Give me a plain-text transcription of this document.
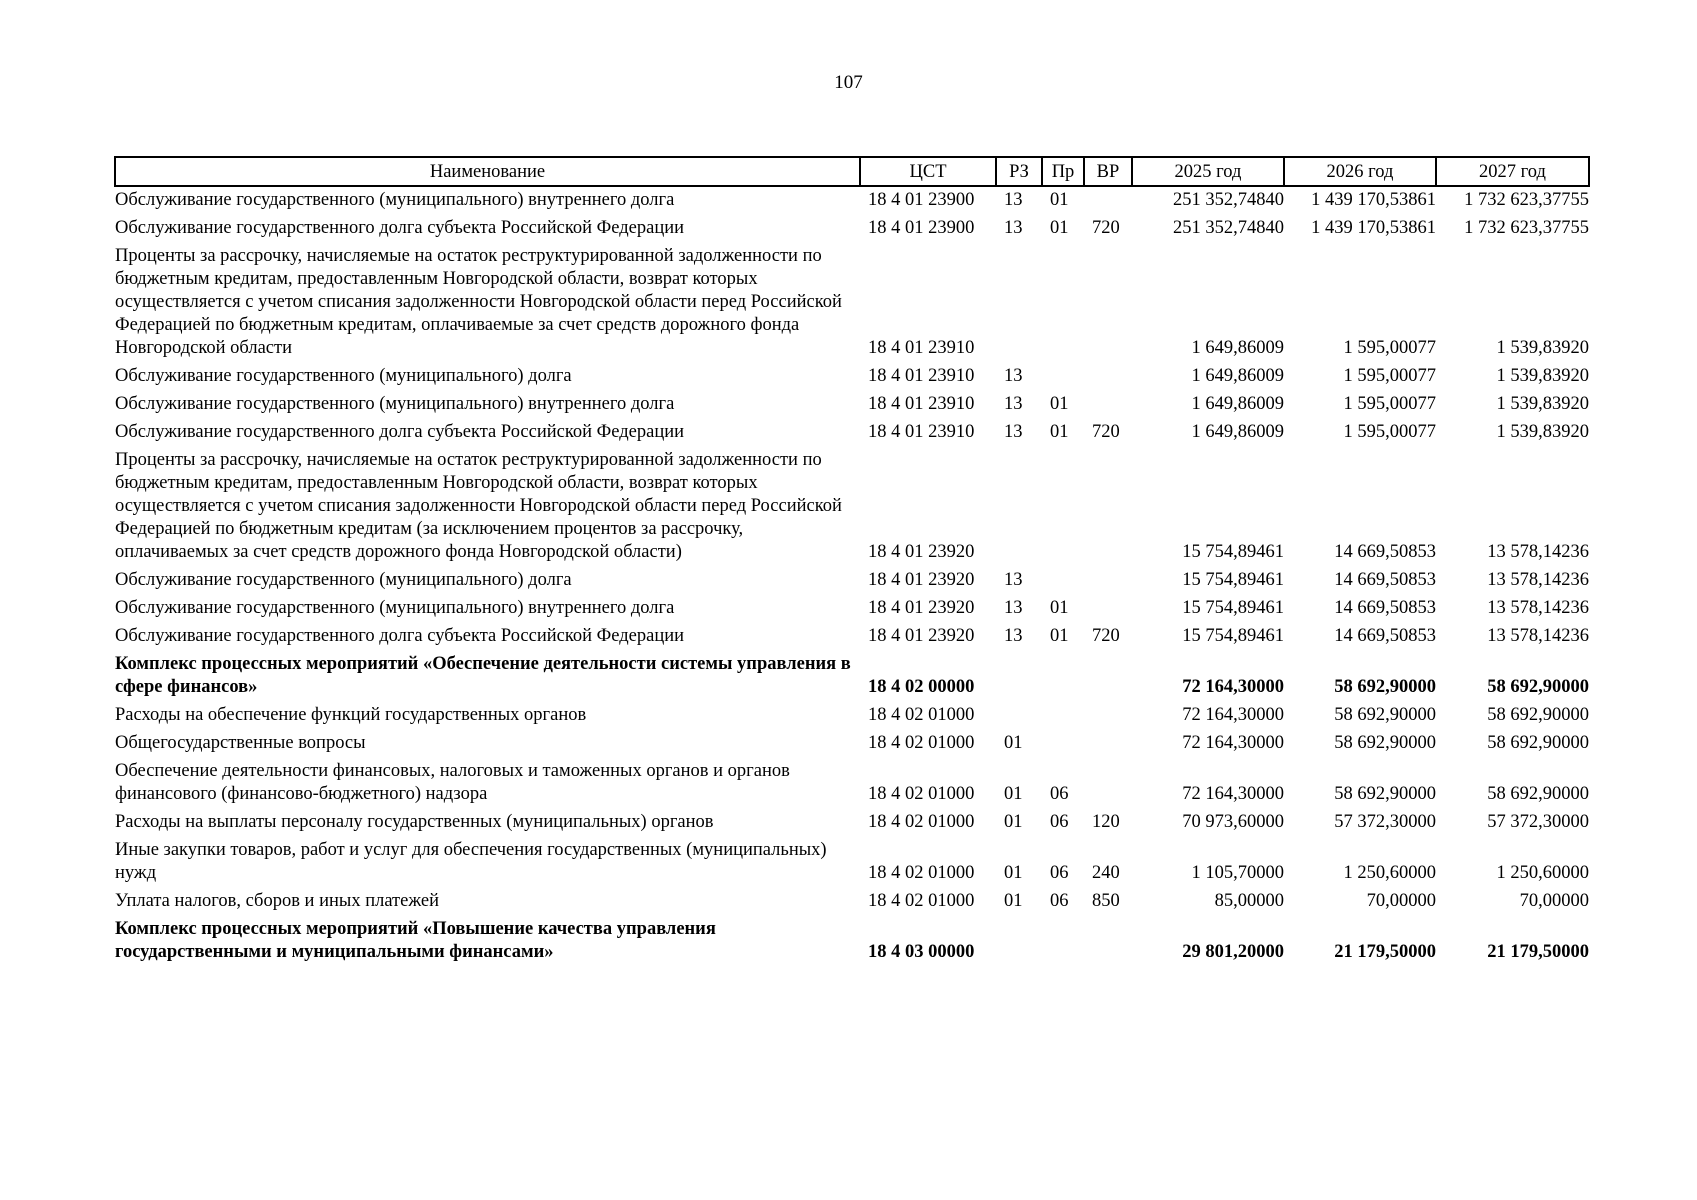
107
Наименование	ЦСТ	РЗ	Пр	ВР	2025 год	2026 год	2027 год
Обслуживание государственного (муниципального) внутреннего долга	18 4 01 23900	13	01		251 352,74840	1 439 170,53861	1 732 623,37755
Обслуживание государственного долга субъекта Российской Федерации	18 4 01 23900	13	01	720	251 352,74840	1 439 170,53861	1 732 623,37755
Проценты за рассрочку, начисляемые на остаток реструктурированной задолженности по бюджетным кредитам, предоставленным Новгородской области, возврат которых осуществляется с учетом списания задолженности Новгородской области перед Российской Федерацией по бюджетным кредитам, оплачиваемые за счет средств дорожного фонда Новгородской области	18 4 01 23910				1 649,86009	1 595,00077	1 539,83920
Обслуживание государственного (муниципального) долга	18 4 01 23910	13			1 649,86009	1 595,00077	1 539,83920
Обслуживание государственного (муниципального) внутреннего долга	18 4 01 23910	13	01		1 649,86009	1 595,00077	1 539,83920
Обслуживание государственного долга субъекта Российской Федерации	18 4 01 23910	13	01	720	1 649,86009	1 595,00077	1 539,83920
Проценты за рассрочку, начисляемые на остаток реструктурированной задолженности по бюджетным кредитам, предоставленным Новгородской области, возврат которых осуществляется с учетом списания задолженности Новгородской области перед Российской Федерацией по бюджетным кредитам (за исключением процентов за рассрочку, оплачиваемых за счет средств дорожного фонда Новгородской области)	18 4 01 23920				15 754,89461	14 669,50853	13 578,14236
Обслуживание государственного (муниципального) долга	18 4 01 23920	13			15 754,89461	14 669,50853	13 578,14236
Обслуживание государственного (муниципального) внутреннего долга	18 4 01 23920	13	01		15 754,89461	14 669,50853	13 578,14236
Обслуживание государственного долга субъекта Российской Федерации	18 4 01 23920	13	01	720	15 754,89461	14 669,50853	13 578,14236
Комплекс процессных мероприятий «Обеспечение деятельности системы управления в сфере финансов»	18 4 02 00000				72 164,30000	58 692,90000	58 692,90000
Расходы на обеспечение функций государственных органов	18 4 02 01000				72 164,30000	58 692,90000	58 692,90000
Общегосударственные вопросы	18 4 02 01000	01			72 164,30000	58 692,90000	58 692,90000
Обеспечение деятельности финансовых, налоговых и таможенных органов и органов финансового (финансово-бюджетного) надзора	18 4 02 01000	01	06		72 164,30000	58 692,90000	58 692,90000
Расходы на выплаты персоналу государственных (муниципальных) органов	18 4 02 01000	01	06	120	70 973,60000	57 372,30000	57 372,30000
Иные закупки товаров, работ и услуг для обеспечения государственных (муниципальных) нужд	18 4 02 01000	01	06	240	1 105,70000	1 250,60000	1 250,60000
Уплата налогов, сборов и иных платежей	18 4 02 01000	01	06	850	85,00000	70,00000	70,00000
Комплекс процессных мероприятий «Повышение качества управления государственными и муниципальными финансами»	18 4 03 00000				29 801,20000	21 179,50000	21 179,50000
